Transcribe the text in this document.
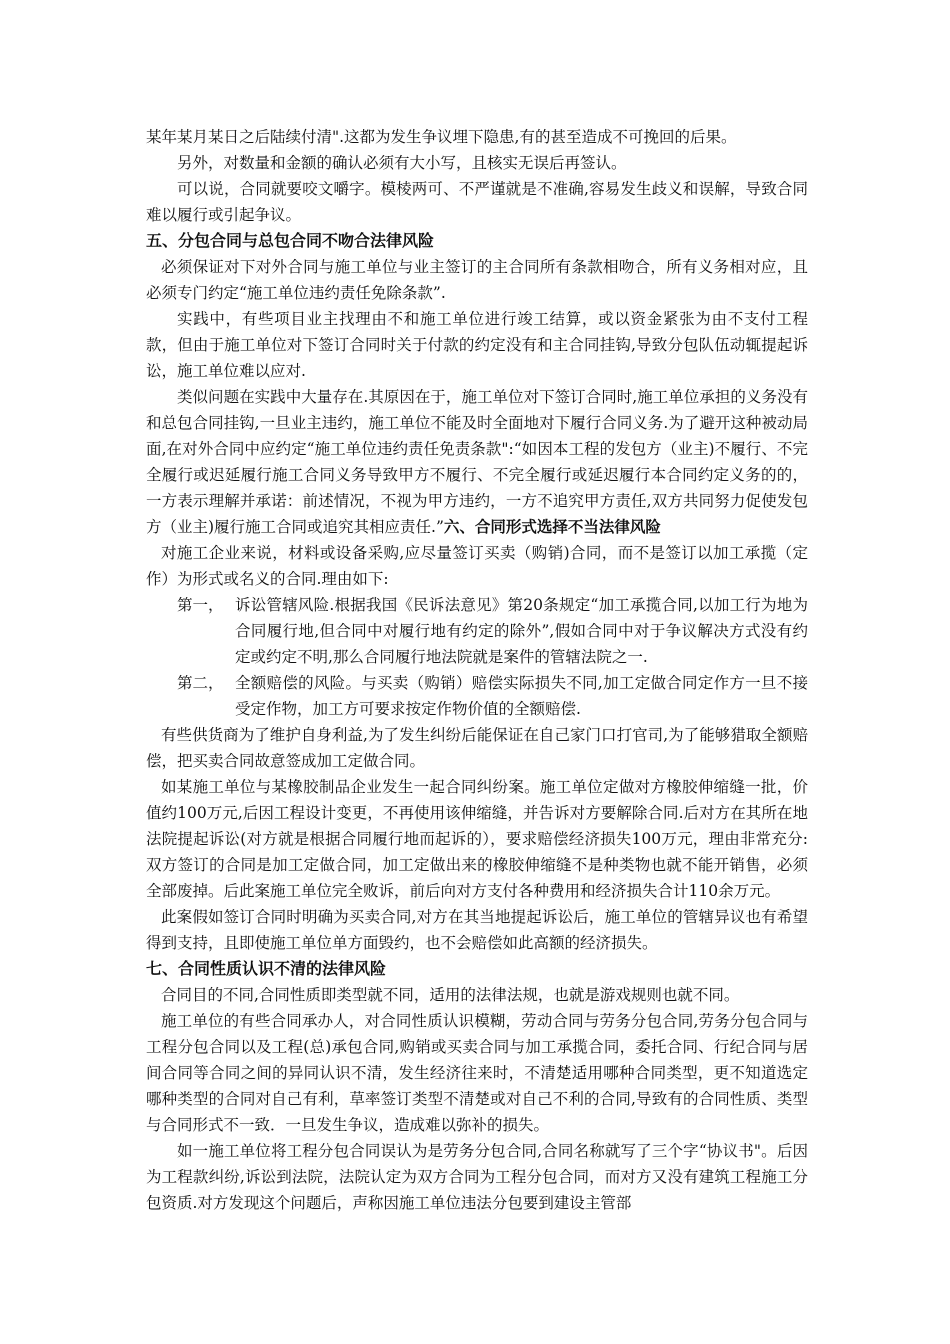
某年某月某日之后陆续付清".这都为发生争议埋下隐患,有的甚至造成不可挽回的后果。

另外，对数量和金额的确认必须有大小写，且核实无误后再签认。

可以说，合同就要咬文嚼字。模棱两可、不严谨就是不准确,容易发生歧义和误解，导致合同难以履行或引起争议。

五、分包合同与总包合同不吻合法律风险

必须保证对下对外合同与施工单位与业主签订的主合同所有条款相吻合，所有义务相对应，且必须专门约定“施工单位违约责任免除条款”.

实践中，有些项目业主找理由不和施工单位进行竣工结算，或以资金紧张为由不支付工程款，但由于施工单位对下签订合同时关于付款的约定没有和主合同挂钩,导致分包队伍动辄提起诉讼，施工单位难以应对.

类似问题在实践中大量存在.其原因在于，施工单位对下签订合同时,施工单位承担的义务没有和总包合同挂钩,一旦业主违约，施工单位不能及时全面地对下履行合同义务.为了避开这种被动局面,在对外合同中应约定“施工单位违约责任免责条款":“如因本工程的发包方（业主)不履行、不完全履行或迟延履行施工合同义务导致甲方不履行、不完全履行或延迟履行本合同约定义务的的，一方表示理解并承诺：前述情况，不视为甲方违约，一方不追究甲方责任,双方共同努力促使发包方（业主)履行施工合同或追究其相应责任.”六、合同形式选择不当法律风险

对施工企业来说，材料或设备采购,应尽量签订买卖（购销)合同，而不是签订以加工承揽（定作）为形式或名义的合同.理由如下:

第一， 诉讼管辖风险.根据我国《民诉法意见》第20条规定“加工承揽合同,以加工行为地为合同履行地,但合同中对履行地有约定的除外”,假如合同中对于争议解决方式没有约定或约定不明,那么合同履行地法院就是案件的管辖法院之一.
第二， 全额赔偿的风险。与买卖（购销）赔偿实际损失不同,加工定做合同定作方一旦不接受定作物，加工方可要求按定作物价值的全额赔偿.

有些供货商为了维护自身利益,为了发生纠纷后能保证在自己家门口打官司,为了能够猎取全额赔偿，把买卖合同故意签成加工定做合同。

如某施工单位与某橡胶制品企业发生一起合同纠纷案。施工单位定做对方橡胶伸缩缝一批，价值约100万元,后因工程设计变更，不再使用该伸缩缝，并告诉对方要解除合同.后对方在其所在地法院提起诉讼(对方就是根据合同履行地而起诉的），要求赔偿经济损失100万元，理由非常充分:双方签订的合同是加工定做合同，加工定做出来的橡胶伸缩缝不是种类物也就不能开销售，必须全部废掉。后此案施工单位完全败诉，前后向对方支付各种费用和经济损失合计110余万元。

此案假如签订合同时明确为买卖合同,对方在其当地提起诉讼后，施工单位的管辖异议也有希望得到支持，且即使施工单位单方面毁约，也不会赔偿如此高额的经济损失。

七、合同性质认识不清的法律风险

合同目的不同,合同性质即类型就不同，适用的法律法规，也就是游戏规则也就不同。

施工单位的有些合同承办人，对合同性质认识模糊，劳动合同与劳务分包合同,劳务分包合同与工程分包合同以及工程(总)承包合同,购销或买卖合同与加工承揽合同，委托合同、行纪合同与居间合同等合同之间的异同认识不清，发生经济往来时，不清楚适用哪种合同类型，更不知道选定哪种类型的合同对自己有利，草率签订类型不清楚或对自己不利的合同,导致有的合同性质、类型与合同形式不一致．一旦发生争议，造成难以弥补的损失。

如一施工单位将工程分包合同误认为是劳务分包合同,合同名称就写了三个字“协议书"。后因为工程款纠纷,诉讼到法院，法院认定为双方合同为工程分包合同，而对方又没有建筑工程施工分包资质.对方发现这个问题后，声称因施工单位违法分包要到建设主管部
